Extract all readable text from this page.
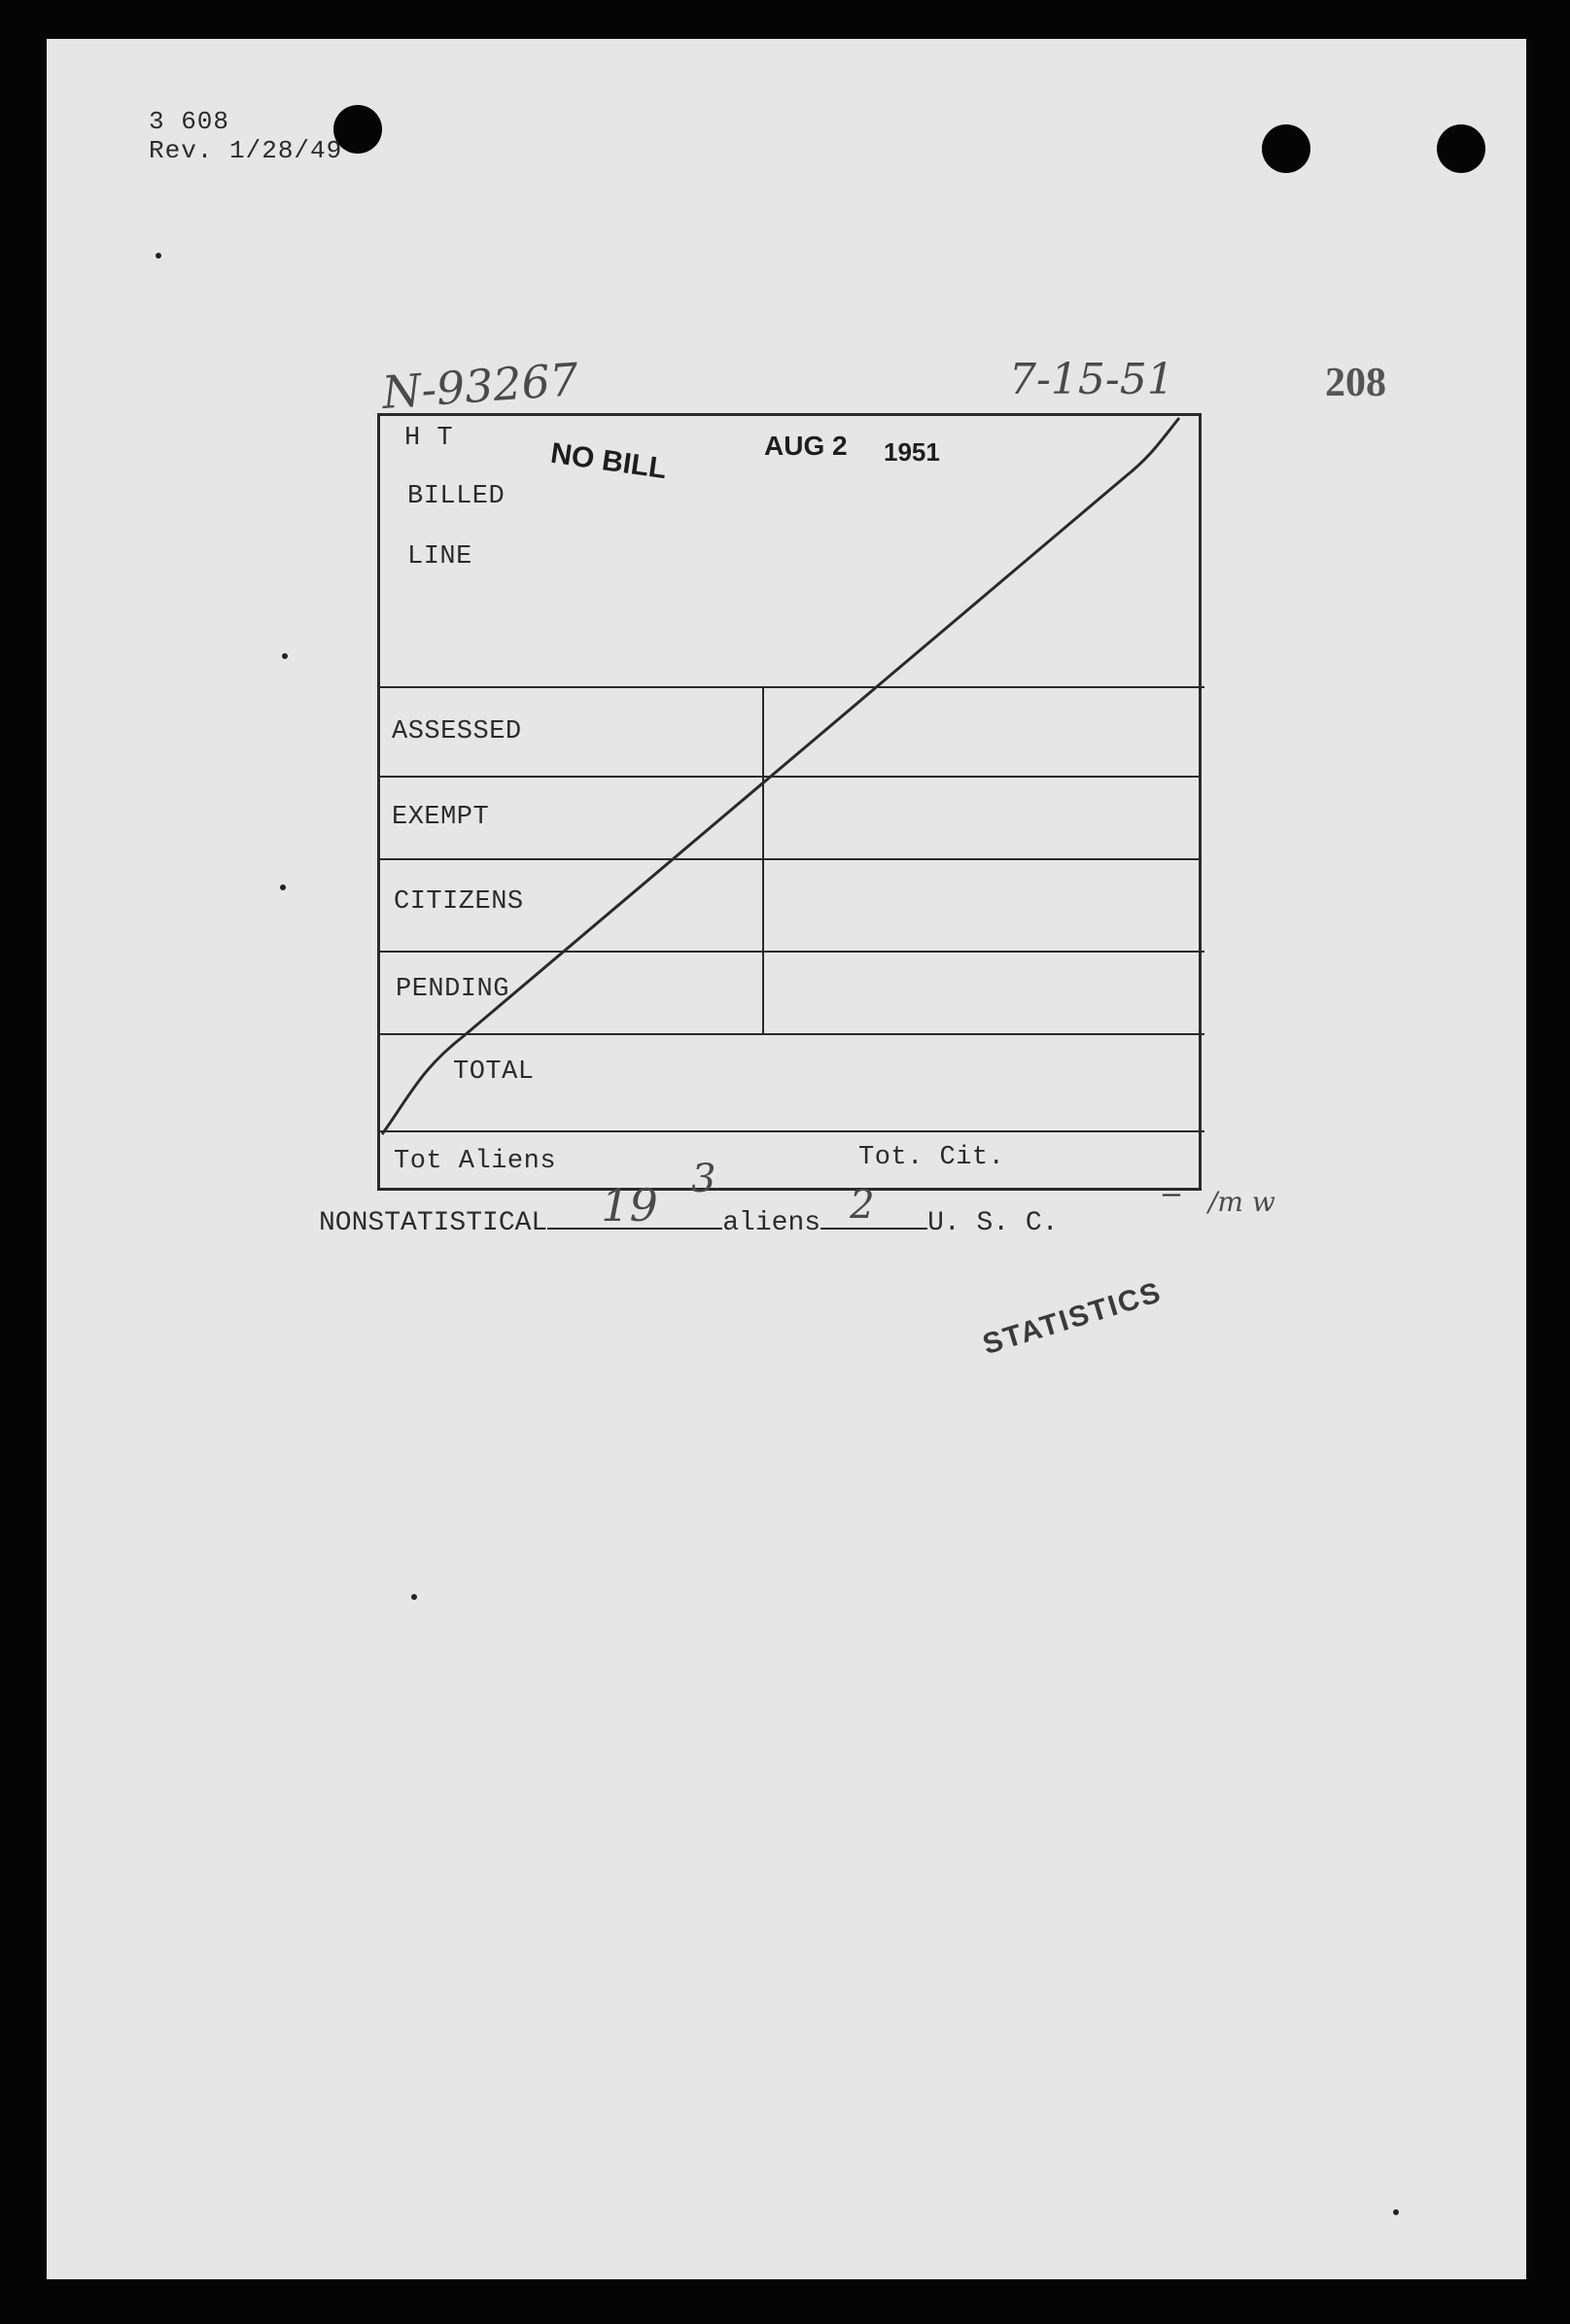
3 608
Rev. 1/28/49
N-93267	7-15-51	208
H T
BILLED
LINE
NO BILL	AUG 2 1951
ASSESSED
EXEMPT
CITIZENS
PENDING
TOTAL
Tot Aliens	Tot. Cit.
— /m w
3
NONSTATISTICAL 19 aliens 2 U. S. C.
STATISTICS
